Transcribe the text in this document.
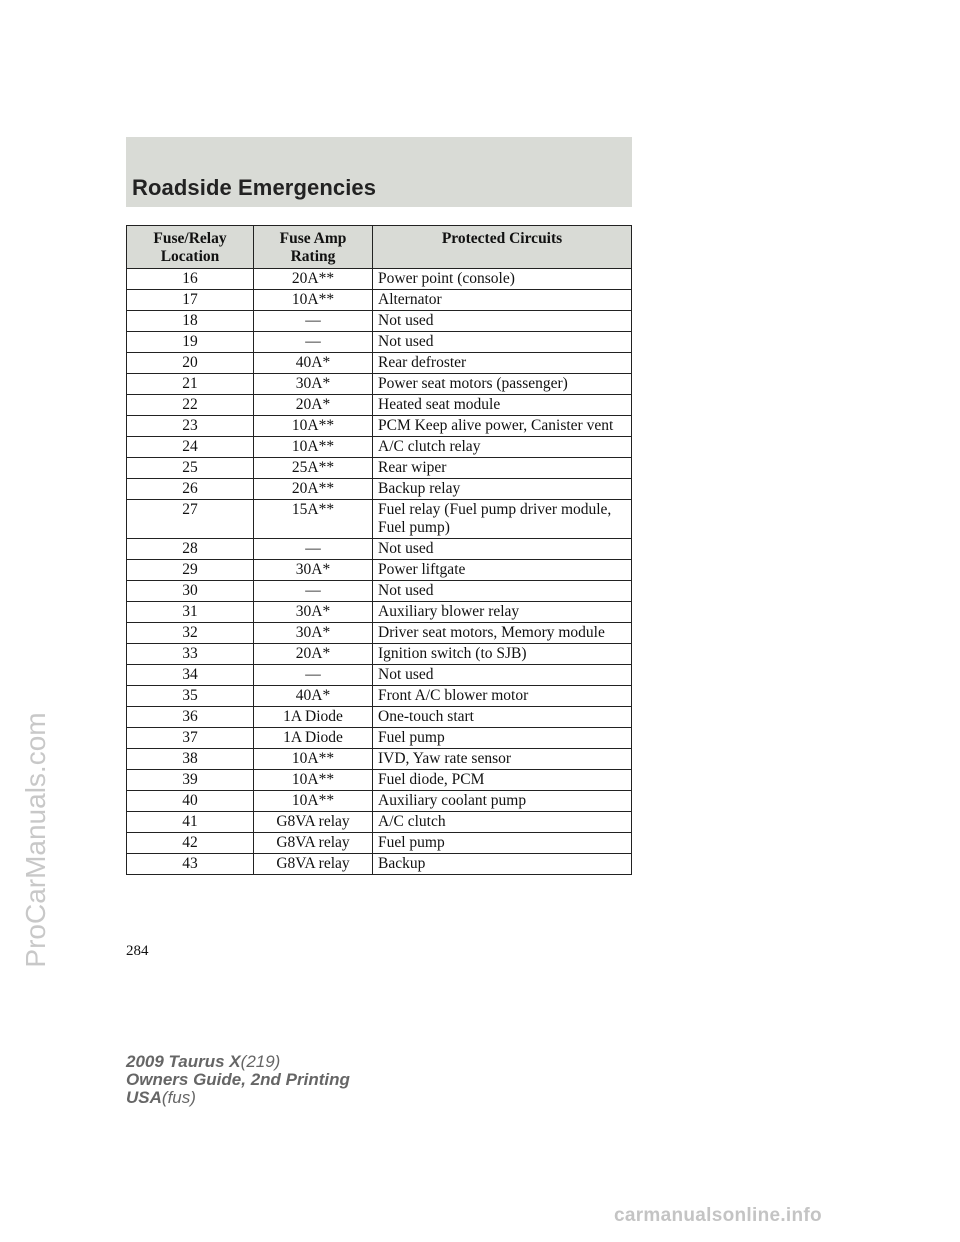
Roadside Emergencies
Fuse/Relay Location	Fuse Amp Rating	Protected Circuits
16	20A**	Power point (console)
17	10A**	Alternator
18	—	Not used
19	—	Not used
20	40A*	Rear defroster
21	30A*	Power seat motors (passenger)
22	20A*	Heated seat module
23	10A**	PCM Keep alive power, Canister vent
24	10A**	A/C clutch relay
25	25A**	Rear wiper
26	20A**	Backup relay
27	15A**	Fuel relay (Fuel pump driver module, Fuel pump)
28	—	Not used
29	30A*	Power liftgate
30	—	Not used
31	30A*	Auxiliary blower relay
32	30A*	Driver seat motors, Memory module
33	20A*	Ignition switch (to SJB)
34	—	Not used
35	40A*	Front A/C blower motor
36	1A Diode	One-touch start
37	1A Diode	Fuel pump
38	10A**	IVD, Yaw rate sensor
39	10A**	Fuel diode, PCM
40	10A**	Auxiliary coolant pump
41	G8VA relay	A/C clutch
42	G8VA relay	Fuel pump
43	G8VA relay	Backup

284

2009 Taurus X(219)
Owners Guide, 2nd Printing
USA(fus)
ProCarManuals.com
carmanualsonline.info
